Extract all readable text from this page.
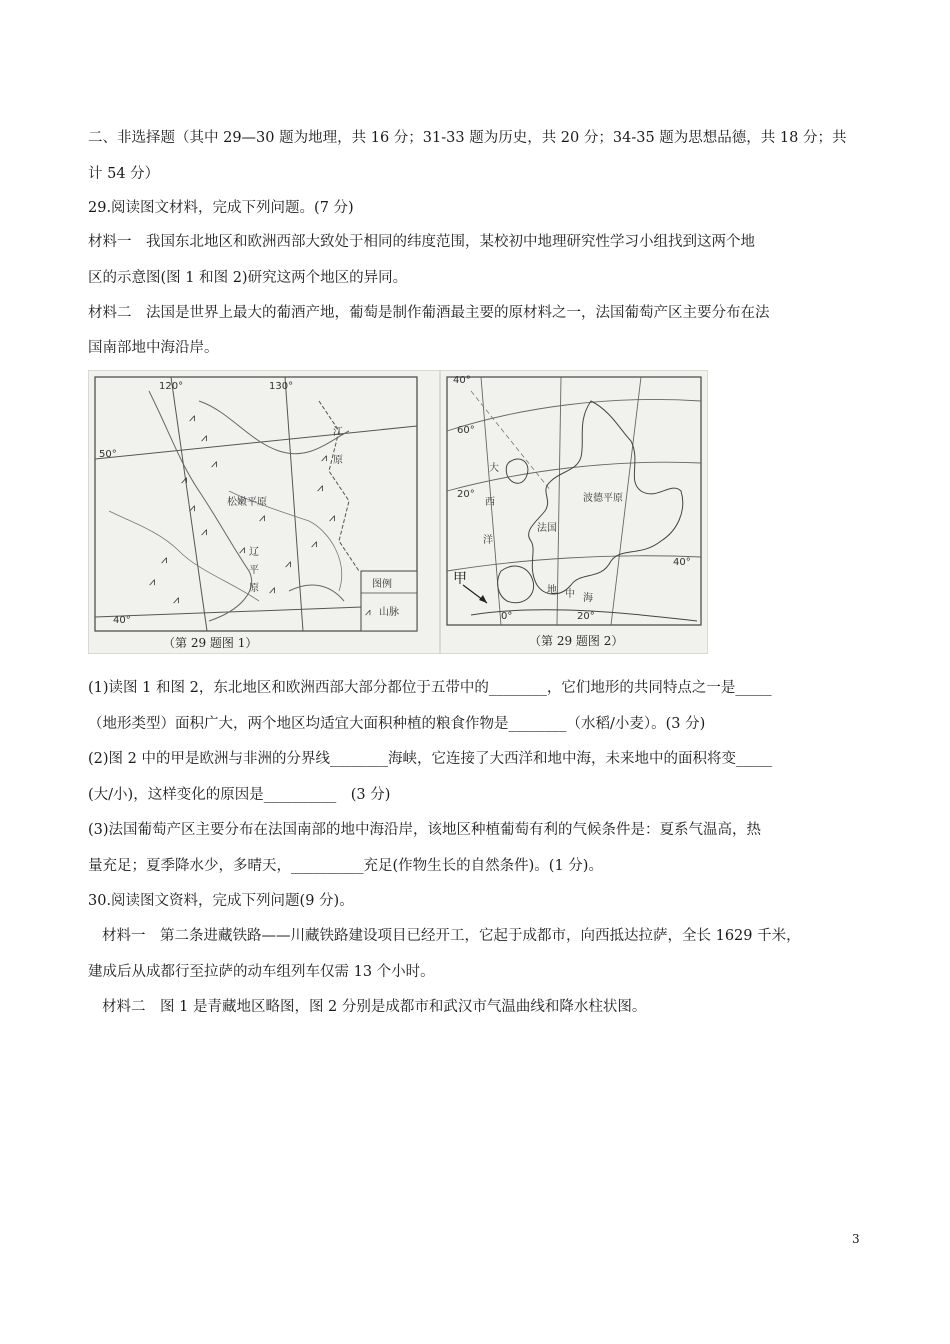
二、非选择题（其中 29—30 题为地理，共 16 分；31-33 题为历史，共 20 分；34-35 题为思想品德，共 18 分；共
计 54 分）
29.阅读图文材料，完成下列问题。(7 分)
材料一　我国东北地区和欧洲西部大致处于相同的纬度范围，某校初中地理研究性学习小组找到这两个地
区的示意图(图 1 和图 2)研究这两个地区的异同。
材料二　法国是世界上最大的葡酒产地，葡萄是制作葡酒最主要的原材料之一，法国葡萄产区主要分布在法
国南部地中海沿岸。
⩘
⩘
⩘
⩘
⩘
⩘
⩘
⩘
⩘
⩘
⩘
⩘
⩘
⩘
⩘
⩘
⩘
图例
山脉
⩘
120°	130°
50°
40°
松嫩平原
江
原
辽
平
原
（第 29 题图 1）
甲
40°
60°
20°
40°
0°	20°
大
西
洋
波德平原
法国
地 中 海
（第 29 题图 2）
(1)读图 1 和图 2，东北地区和欧洲西部大部分都位于五带中的________，它们地形的共同特点之一是_____
（地形类型）面积广大，两个地区均适宜大面积种植的粮食作物是________（水稻/小麦）。(3 分)
(2)图 2 中的甲是欧洲与非洲的分界线________海峡，它连接了大西洋和地中海，未来地中的面积将变_____
(大/小)，这样变化的原因是__________　(3 分)
(3)法国葡萄产区主要分布在法国南部的地中海沿岸，该地区种植葡萄有利的气候条件是：夏系气温高，热
量充足；夏季降水少，多晴天，__________充足(作物生长的自然条件)。(1 分)。
30.阅读图文资料，完成下列问题(9 分)。
材料一　第二条进藏铁路——川藏铁路建设项目已经开工，它起于成都市，向西抵达拉萨，全长 1629 千米，
建成后从成都行至拉萨的动车组列车仅需 13 个小时。
材料二　图 1 是青藏地区略图，图 2 分别是成都市和武汉市气温曲线和降水柱状图。
3
